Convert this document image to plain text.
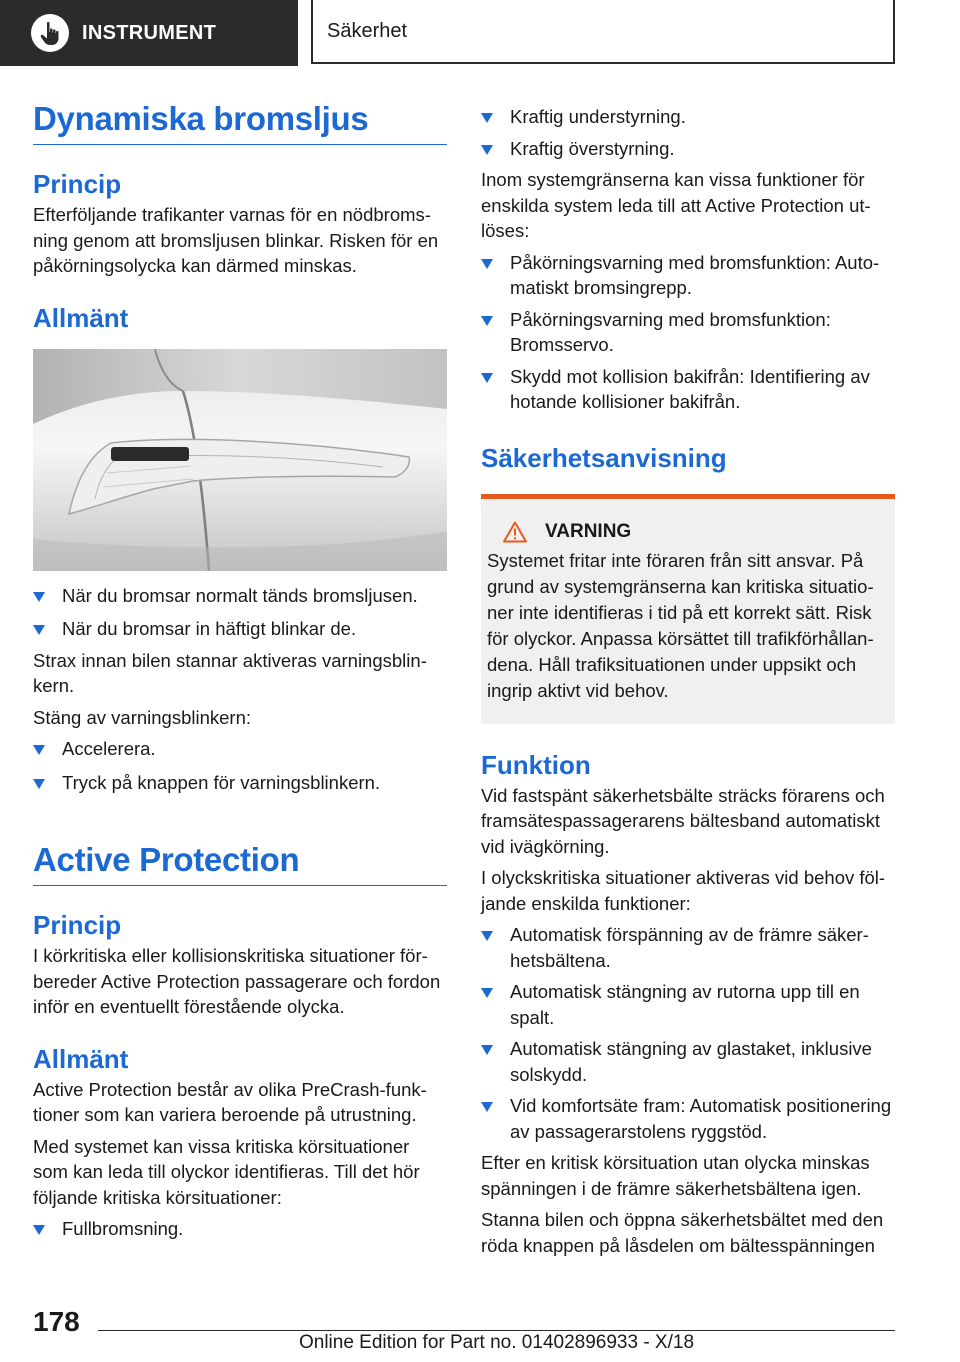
INSTRUMENT	Säkerhet
Dynamiska bromsljus
Princip

Efterföljande trafikanter varnas för en nödbromsning genom att bromsljusen blinkar. Risken för en påkörningsolycka kan därmed minskas.

Allmänt
När du bromsar normalt tänds bromsljusen.
När du bromsar in häftigt blinkar de.

Strax innan bilen stannar aktiveras varningsblinkern.

Stäng av varningsblinkern:

Accelerera.
Tryck på knappen för varningsblinkern.
Active Protection
Princip

I körkritiska eller kollisionskritiska situationer förbereder Active Protection passagerare och fordon inför en eventuellt förestående olycka.

Allmänt

Active Protection består av olika PreCrash-funktioner som kan variera beroende på utrustning.

Med systemet kan vissa kritiska körsituationer som kan leda till olyckor identifieras. Till det hör följande kritiska körsituationer:

Fullbromsning.
Kraftig understyrning.
Kraftig överstyrning.

Inom systemgränserna kan vissa funktioner för enskilda system leda till att Active Protection utlöses:

Påkörningsvarning med bromsfunktion: Automatiskt bromsingrepp.
Påkörningsvarning med bromsfunktion: Bromsservo.
Skydd mot kollision bakifrån: Identifiering av hotande kollisioner bakifrån.
Säkerhetsanvisning
VARNING

Systemet fritar inte föraren från sitt ansvar. På grund av systemgränserna kan kritiska situationer inte identifieras i tid på ett korrekt sätt. Risk för olyckor. Anpassa körsättet till trafikförhållandena. Håll trafiksituationen under uppsikt och ingrip aktivt vid behov.

Funktion

Vid fastspänt säkerhetsbälte sträcks förarens och framsätespassagerarens bältesband automatiskt vid ivägkörning.

I olyckskritiska situationer aktiveras vid behov följande enskilda funktioner:

Automatisk förspänning av de främre säkerhetsbältena.
Automatisk stängning av rutorna upp till en spalt.
Automatisk stängning av glastaket, inklusive solskydd.
Vid komfortsäte fram: Automatisk positionering av passagerarstolens ryggstöd.

Efter en kritisk körsituation utan olycka minskas spänningen i de främre säkerhetsbältena igen.

Stanna bilen och öppna säkerhetsbältet med den röda knappen på låsdelen om bältesspänningen

178
Online Edition for Part no. 01402896933 - X/18
